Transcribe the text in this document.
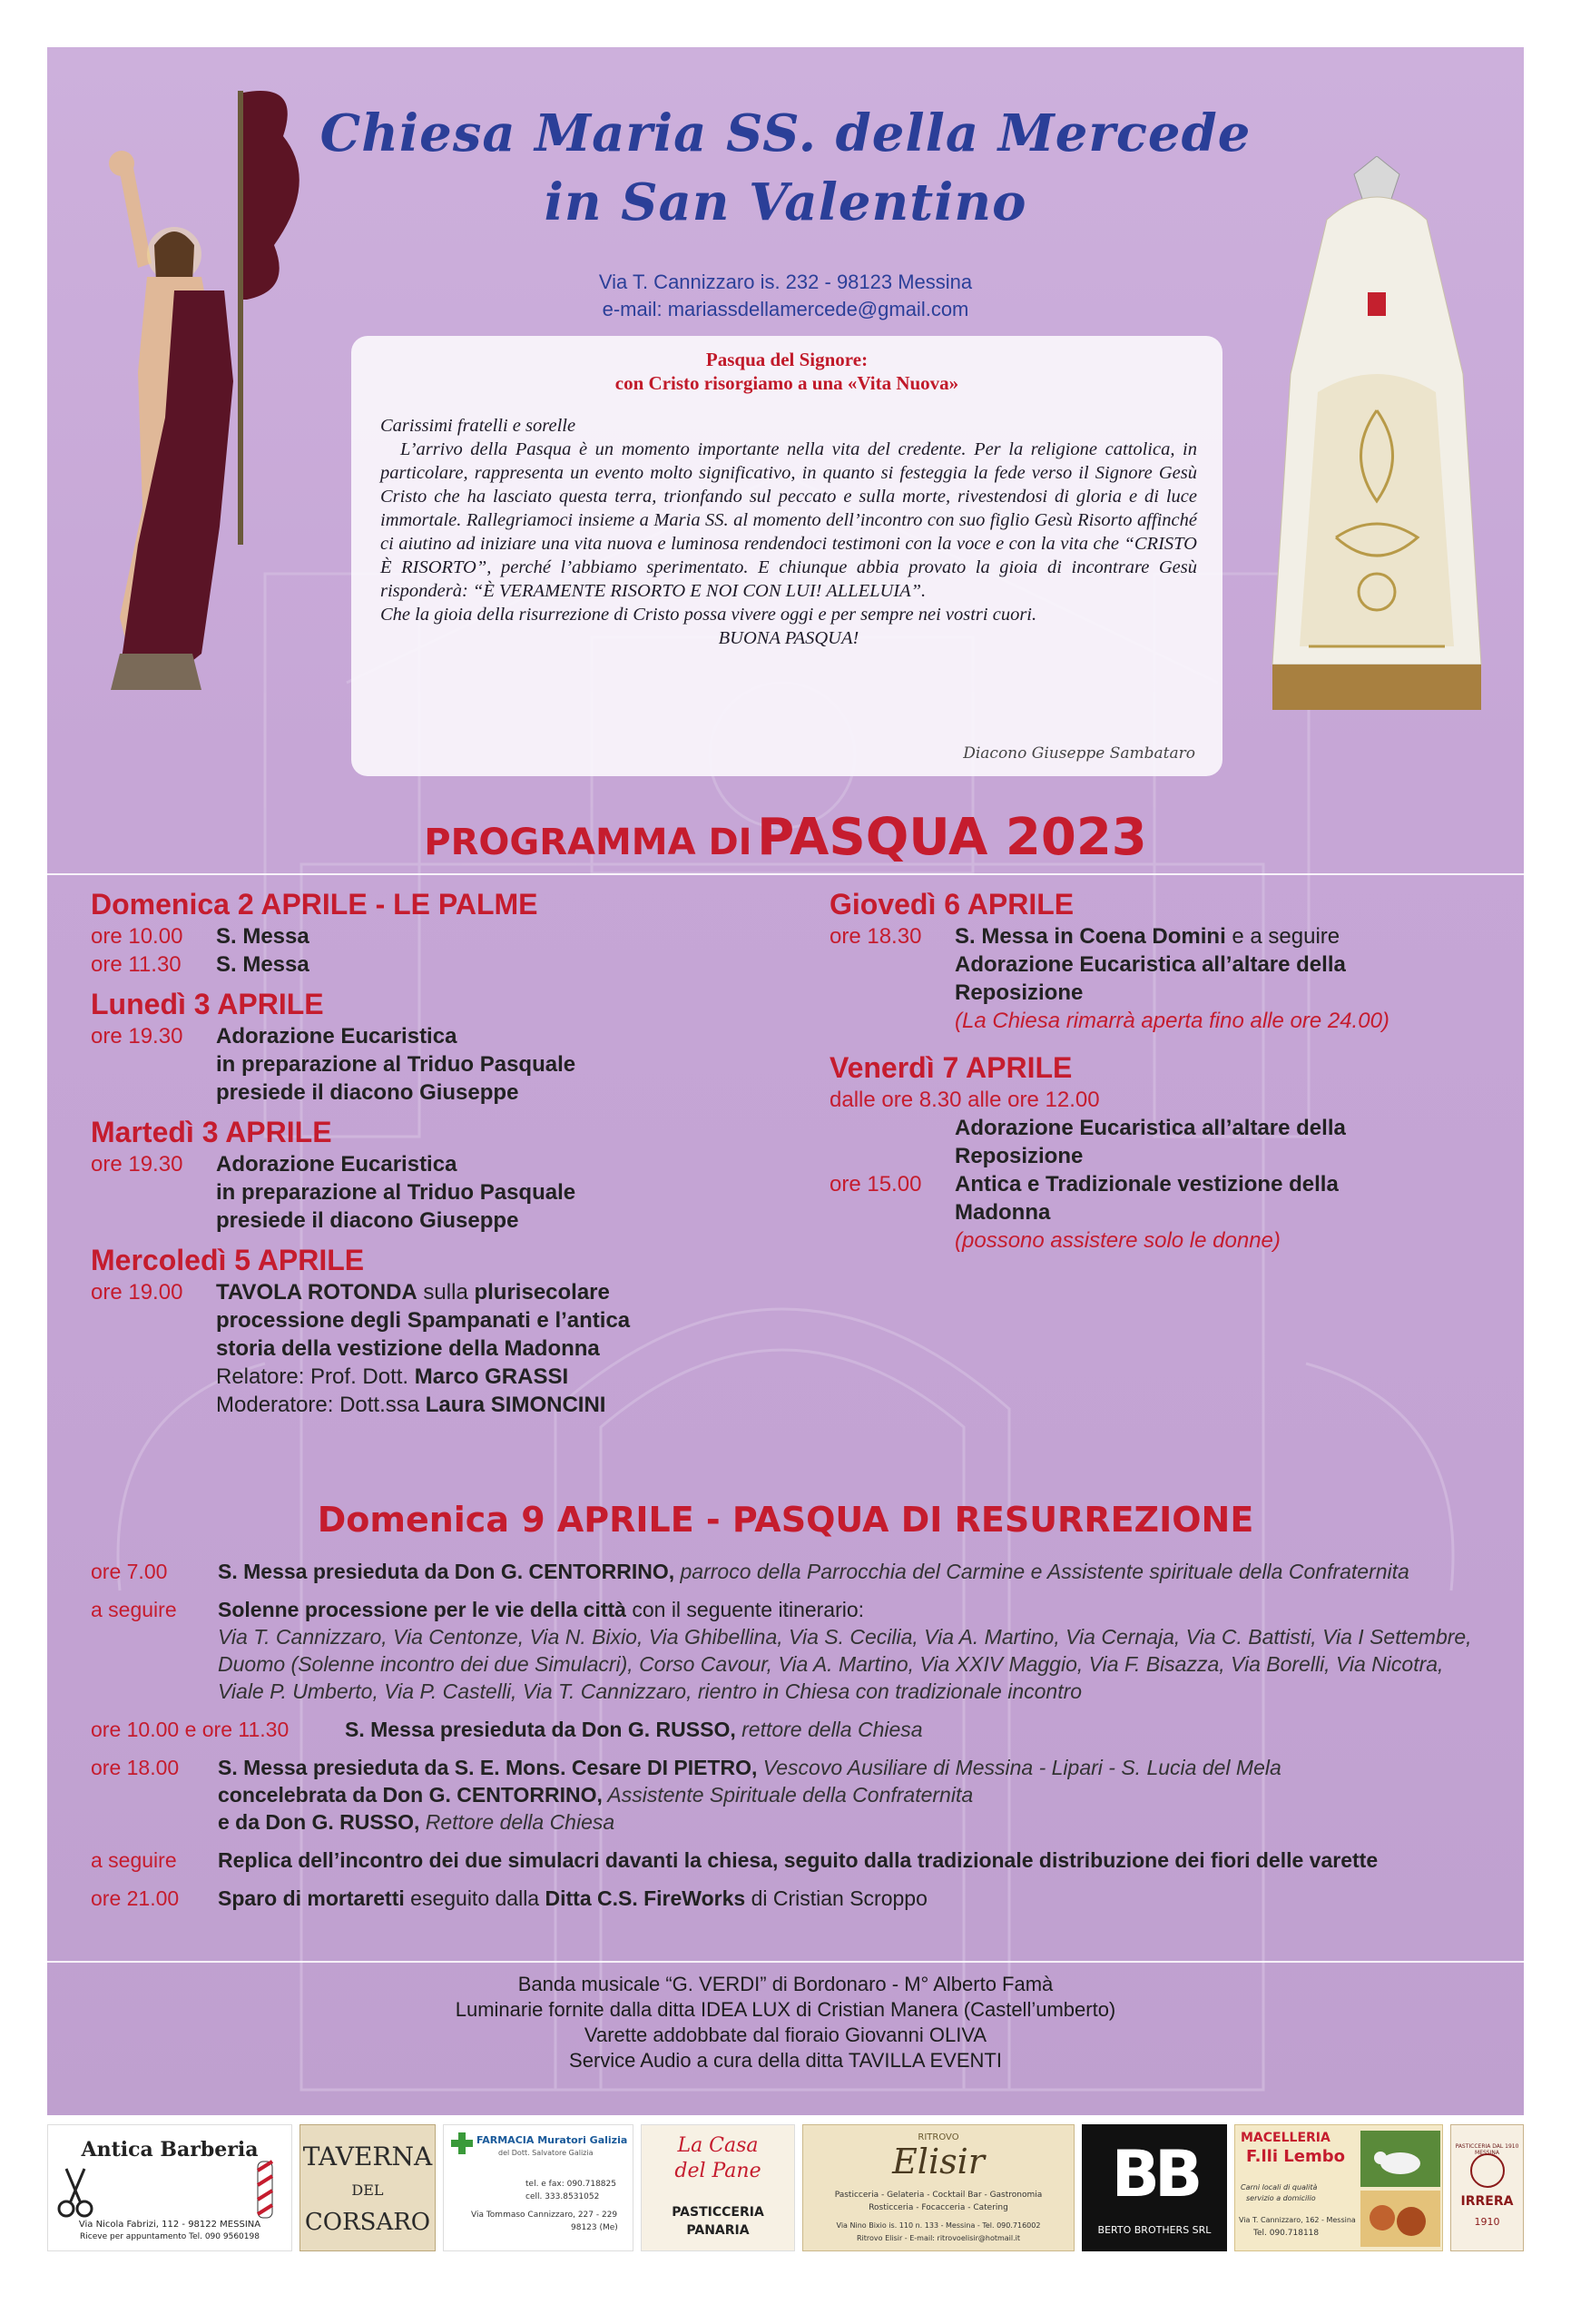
Chiesa Maria SS. della Mercede
in San Valentino
Via T. Cannizzaro is. 232 - 98123 Messina
e-mail: mariassdellamercede@gmail.com
Pasqua del Signore:
con Cristo risorgiamo a una «Vita Nuova»

Carissimi fratelli e sorelle

L’arrivo della Pasqua è un momento importante nella vita del credente. Per la religione cattolica, in particolare, rappresenta un evento molto significativo, in quanto si festeggia la fede verso il Signore Gesù Cristo che ha lasciato questa terra, trionfando sul peccato e sulla morte, rivestendosi di gloria e di luce immortale. Rallegriamoci insieme a Maria SS. al momento dell’incontro con suo figlio Gesù Risorto affinché ci aiutino ad iniziare una vita nuova e luminosa rendendoci testimoni con la voce e con la vita che “CRISTO È RISORTO”, perché l’abbiamo sperimentato. E chiunque abbia provato la gioia di incontrare Gesù risponderà: “È VERAMENTE RISORTO E NOI CON LUI! ALLELUIA”.

Che la gioia della risurrezione di Cristo possa vivere oggi e per sempre nei vostri cuori.

BUONA PASQUA!

Diacono Giuseppe Sambataro
PROGRAMMA DI PASQUA 2023
Domenica 2 APRILE - LE PALME
ore 10.00	S. Messa
ore 11.30	S. Messa
Lunedì 3 APRILE
ore 19.30	Adorazione Eucaristica
in preparazione al Triduo Pasquale
presiede il diacono Giuseppe
Martedì 3 APRILE
ore 19.30	Adorazione Eucaristica
in preparazione al Triduo Pasquale
presiede il diacono Giuseppe
Mercoledì 5 APRILE
ore 19.00	TAVOLA ROTONDA sulla plurisecolare
processione degli Spampanati e l’antica
storia della vestizione della Madonna
Relatore: Prof. Dott. Marco GRASSI
Moderatore: Dott.ssa Laura SIMONCINI
Giovedì 6 APRILE
ore 18.30	S. Messa in Coena Domini e a seguire
Adorazione Eucaristica all’altare della
Reposizione
(La Chiesa rimarrà aperta fino alle ore 24.00)
Venerdì 7 APRILE
dalle ore 8.30 alle ore 12.00
Adorazione Eucaristica all’altare della
Reposizione
ore 15.00	Antica e Tradizionale vestizione della
Madonna
(possono assistere solo le donne)
Domenica 9 APRILE - PASQUA DI RESURREZIONE
ore 7.00	S. Messa presieduta da Don G. CENTORRINO, parroco della Parrocchia del Carmine e Assistente spirituale della Confraternita
a seguire	Solenne processione per le vie della città con il seguente itinerario:
Via T. Cannizzaro, Via Centonze, Via N. Bixio, Via Ghibellina, Via S. Cecilia, Via A. Martino, Via Cernaja, Via C. Battisti, Via I Settembre, Duomo (Solenne incontro dei due Simulacri), Corso Cavour, Via A. Martino, Via XXIV Maggio, Via F. Bisazza, Via Borelli, Via Nicotra, Viale P. Umberto, Via P. Castelli, Via T. Cannizzaro, rientro in Chiesa con tradizionale incontro
ore 10.00 e ore 11.30	S. Messa presieduta da Don G. RUSSO, rettore della Chiesa
ore 18.00	S. Messa presieduta da S. E. Mons. Cesare DI PIETRO, Vescovo Ausiliare di Messina - Lipari - S. Lucia del Mela
concelebrata da Don G. CENTORRINO, Assistente Spirituale della Confraternita
e da Don G. RUSSO, Rettore della Chiesa
a seguire	Replica dell’incontro dei due simulacri davanti la chiesa, seguito dalla tradizionale distribuzione dei fiori delle varette
ore 21.00	Sparo di mortaretti eseguito dalla Ditta C.S. FireWorks di Cristian Scroppo
Banda musicale “G. VERDI” di Bordonaro - M° Alberto Famà
Luminarie fornite dalla ditta IDEA LUX di Cristian Manera (Castell’umberto)
Varette addobbate dal fioraio Giovanni OLIVA
Service Audio a cura della ditta TAVILLA EVENTI
Antica Barberia
Via Nicola Fabrizi, 112 - 98122 MESSINA
Riceve per appuntamento Tel. 090 9560198
TAVERNA
DEL
CORSARO
FARMACIA Muratori Galizia
del Dott. Salvatore Galizia
tel. e fax: 090.718825
cell. 333.8531052
Via Tommaso Cannizzaro, 227 - 229
98123 (Me)
La Casa
del Pane
PASTICCERIA
PANARIA
RITROVO
Elisir
Pasticceria - Gelateria - Cocktail Bar - Gastronomia
Rosticceria - Focacceria - Catering
Via Nino Bixio is. 110 n. 133 - Messina - Tel. 090.716002
Ritrovo Elisir - E-mail: ritrovoelisir@hotmail.it
BB
BERTO BROTHERS SRL
MACELLERIA
F.lli Lembo
Carni locali di qualità
servizio a domicilio
Via T. Cannizzaro, 162 - Messina
Tel. 090.718118
PASTICCERIA DAL 1910 MESSINA
IRRERA
1910
